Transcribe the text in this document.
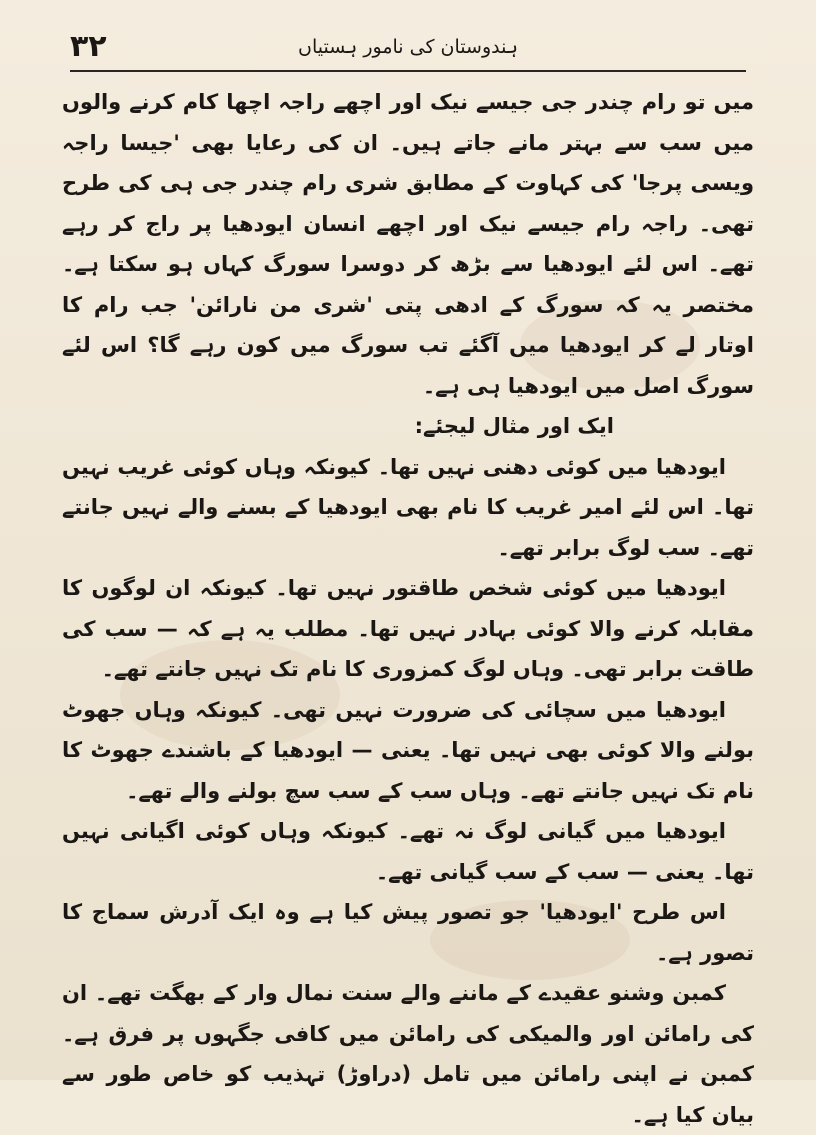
۳۲	ہندوستان کی نامور ہستیاں

میں تو رام چندر جی جیسے نیک اور اچھے راجہ اچھا کام کرنے والوں میں سب سے بہتر مانے جاتے ہیں۔ ان کی رعایا بھی 'جیسا راجہ ویسی پرجا' کی کہاوت کے مطابق شری رام چندر جی ہی کی طرح تھی۔ راجہ رام جیسے نیک اور اچھے انسان ایودھیا پر راج کر رہے تھے۔ اس لئے ایودھیا سے بڑھ کر دوسرا سورگ کہاں ہو سکتا ہے۔ مختصر یہ کہ سورگ کے ادھی پتی 'شری من نارائن' جب رام کا اوتار لے کر ایودھیا میں آگئے تب سورگ میں کون رہے گا؟ اس لئے سورگ اصل میں ایودھیا ہی ہے۔

ایک اور مثال لیجئے:

ایودھیا میں کوئی دھنی نہیں تھا۔ کیونکہ وہاں کوئی غریب نہیں تھا۔ اس لئے امیر غریب کا نام بھی ایودھیا کے بسنے والے نہیں جانتے تھے۔ سب لوگ برابر تھے۔

ایودھیا میں کوئی شخص طاقتور نہیں تھا۔ کیونکہ ان لوگوں کا مقابلہ کرنے والا کوئی بہادر نہیں تھا۔ مطلب یہ ہے کہ — سب کی طاقت برابر تھی۔ وہاں لوگ کمزوری کا نام تک نہیں جانتے تھے۔

ایودھیا میں سچائی کی ضرورت نہیں تھی۔ کیونکہ وہاں جھوٹ بولنے والا کوئی بھی نہیں تھا۔ یعنی — ایودھیا کے باشندے جھوٹ کا نام تک نہیں جانتے تھے۔ وہاں سب کے سب سچ بولنے والے تھے۔

ایودھیا میں گیانی لوگ نہ تھے۔ کیونکہ وہاں کوئی اگیانی نہیں تھا۔ یعنی — سب کے سب گیانی تھے۔

اس طرح 'ایودھیا' جو تصور پیش کیا ہے وہ ایک آدرش سماج کا تصور ہے۔

کمبن وشنو عقیدے کے ماننے والے سنت نمال وار کے بھگت تھے۔ ان کی رامائن اور والمیکی کی رامائن میں کافی جگہوں پر فرق ہے۔ کمبن نے اپنی رامائن میں تامل (دراوڑ) تہذیب کو خاص طور سے بیان کیا ہے۔
